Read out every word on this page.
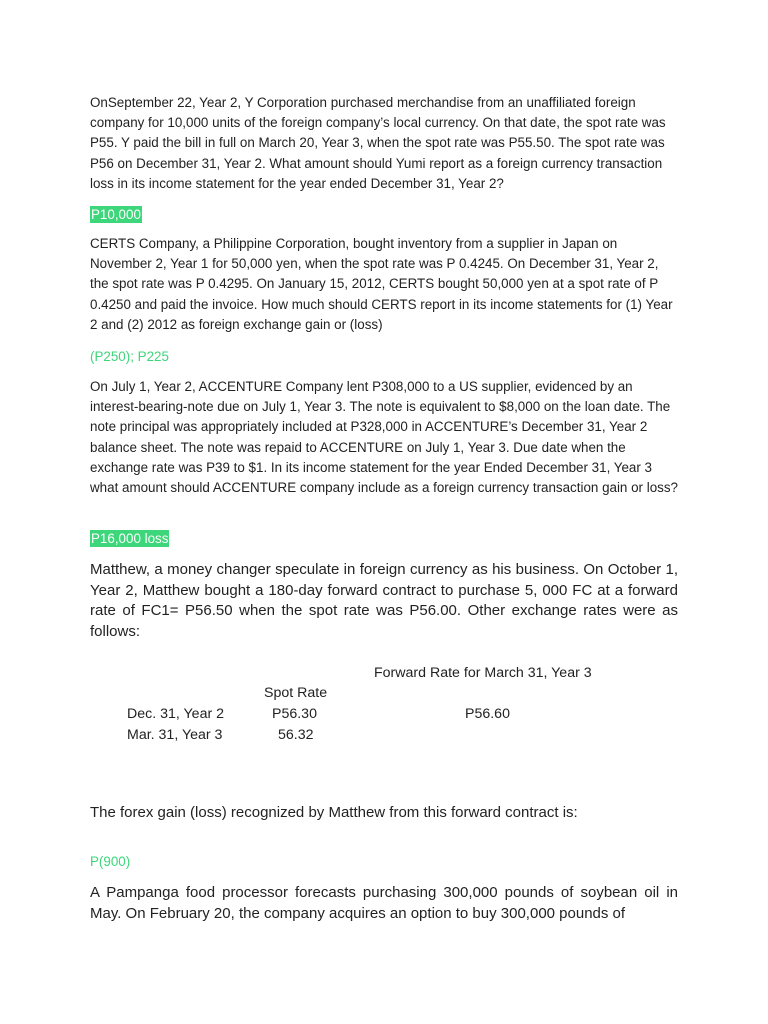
OnSeptember 22, Year 2, Y Corporation purchased merchandise from an unaffiliated foreign company for 10,000 units of the foreign company’s local currency. On that date, the spot rate was P55. Y paid the bill in full on March 20, Year 3, when the spot rate was P55.50. The spot rate was P56 on December 31, Year 2. What amount should Yumi report as a foreign currency transaction loss in its income statement for the year ended December 31, Year 2?

P10,000

CERTS Company, a Philippine Corporation, bought inventory from a supplier in Japan on November 2, Year 1 for 50,000 yen, when the spot rate was P 0.4245. On December 31, Year 2, the spot rate was P 0.4295. On January 15, 2012, CERTS bought 50,000 yen at a spot rate of P 0.4250 and paid the invoice. How much should CERTS report in its income statements for (1) Year 2 and (2) 2012 as foreign exchange gain or (loss)

(P250); P225

On July 1, Year 2, ACCENTURE Company lent P308,000 to a US supplier, evidenced by an interest-bearing-note due on July 1, Year 3. The note is equivalent to $8,000 on the loan date. The note principal was appropriately included at P328,000 in ACCENTURE’s December 31, Year 2 balance sheet. The note was repaid to ACCENTURE on July 1, Year 3. Due date when the exchange rate was P39 to $1. In its income statement for the year Ended December 31, Year 3 what amount should ACCENTURE company include as a foreign currency transaction gain or loss?

P16,000 loss

Matthew, a money changer speculate in foreign currency as his business. On October 1, Year 2, Matthew bought a 180-day forward contract to purchase 5, 000 FC at a forward rate of FC1= P56.50 when the spot rate was P56.00. Other exchange rates were as follows:

Forward Rate for March 31, Year 3
Spot Rate
Dec. 31, Year 2	P56.30	P56.60
Mar. 31, Year 3	56.32

The forex gain (loss) recognized by Matthew from this forward contract is:

P(900)

A Pampanga food processor forecasts purchasing 300,000 pounds of soybean oil in May. On February 20, the company acquires an option to buy 300,000 pounds of
